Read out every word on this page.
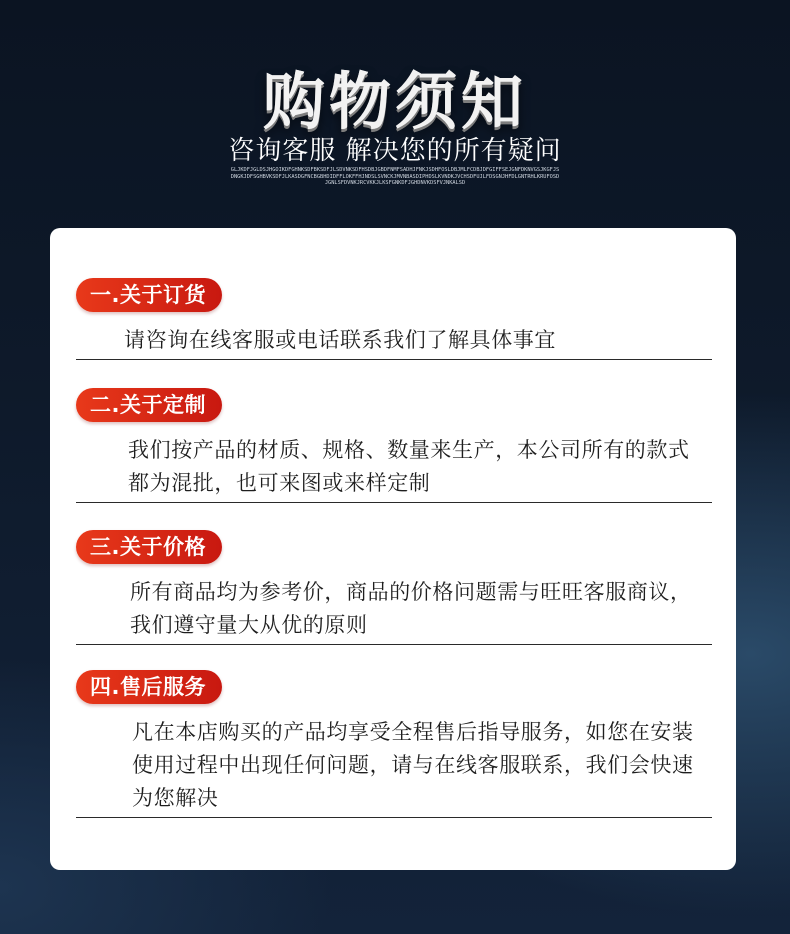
购物须知
咨询客服 解决您的所有疑问
GLJKDFJGLDSJHGOIKDFGHNKSDFBKSDFJLSDVNKSDFHSDBJGBDFNMFSADHJFNKJSDHFOSLDBJMLFCDBJDFGIFFSEJGNFDKNVGSJKGFJSDNGKJDFSGHBVKSDFJLKASDGFNCBGBHDIDFFLOKFFHJNDSLSVNCKJMVNBASDIPHDSLKVNDKJVCHSDFUJLFDSGNJHFDLGNTRHLKRUFOSDJGNLSFDVNKJRCVKKJLKSFGNKDFJGHDNVKDSFVJNKALSD
一.关于订货
请咨询在线客服或电话联系我们了解具体事宜
二.关于定制
我们按产品的材质、规格、数量来生产，本公司所有的款式
都为混批，也可来图或来样定制
三.关于价格
所有商品均为参考价，商品的价格问题需与旺旺客服商议，
我们遵守量大从优的原则
四.售后服务
凡在本店购买的产品均享受全程售后指导服务，如您在安装
使用过程中出现任何问题，请与在线客服联系，我们会快速
为您解决
